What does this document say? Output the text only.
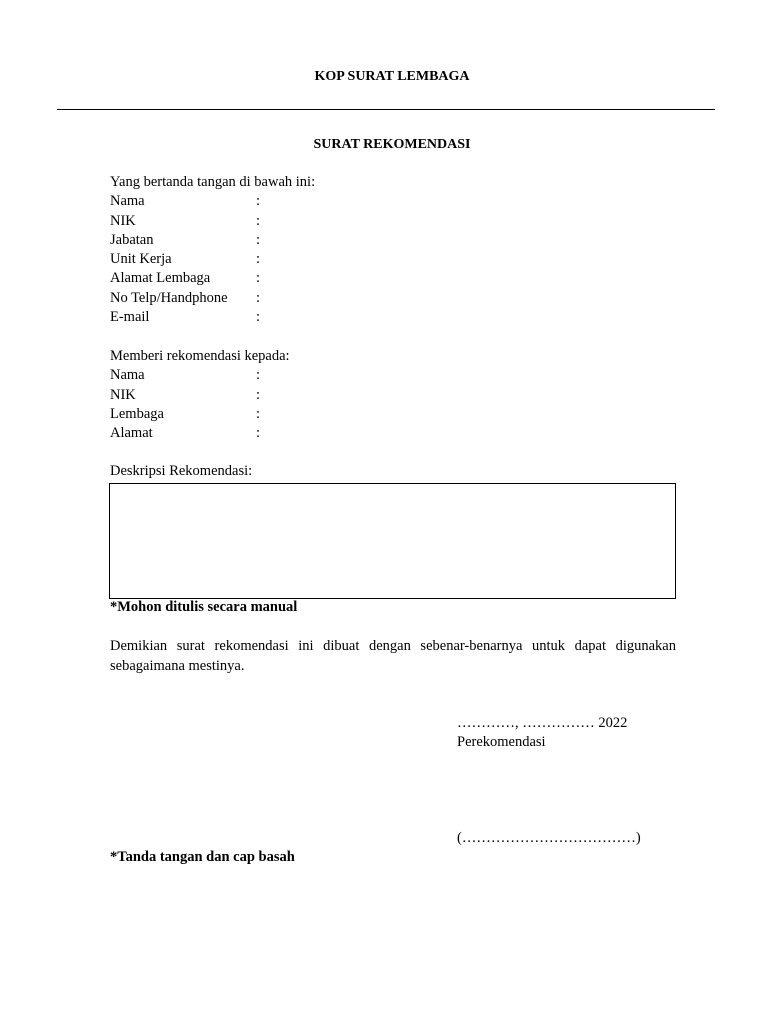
KOP SURAT LEMBAGA
SURAT REKOMENDASI
Yang bertanda tangan di bawah ini:
Nama	:
NIK	:
Jabatan	:
Unit Kerja	:
Alamat Lembaga	:
No Telp/Handphone :
E-mail	:
Memberi rekomendasi kepada:
Nama	:
NIK	:
Lembaga	:
Alamat	:
Deskripsi Rekomendasi:
*Mohon ditulis secara manual
Demikian surat rekomendasi ini dibuat dengan sebenar-benarnya untuk dapat digunakan
sebagaimana mestinya.
…………, …………… 2022
Perekomendasi
(………………………………)
*Tanda tangan dan cap basah
